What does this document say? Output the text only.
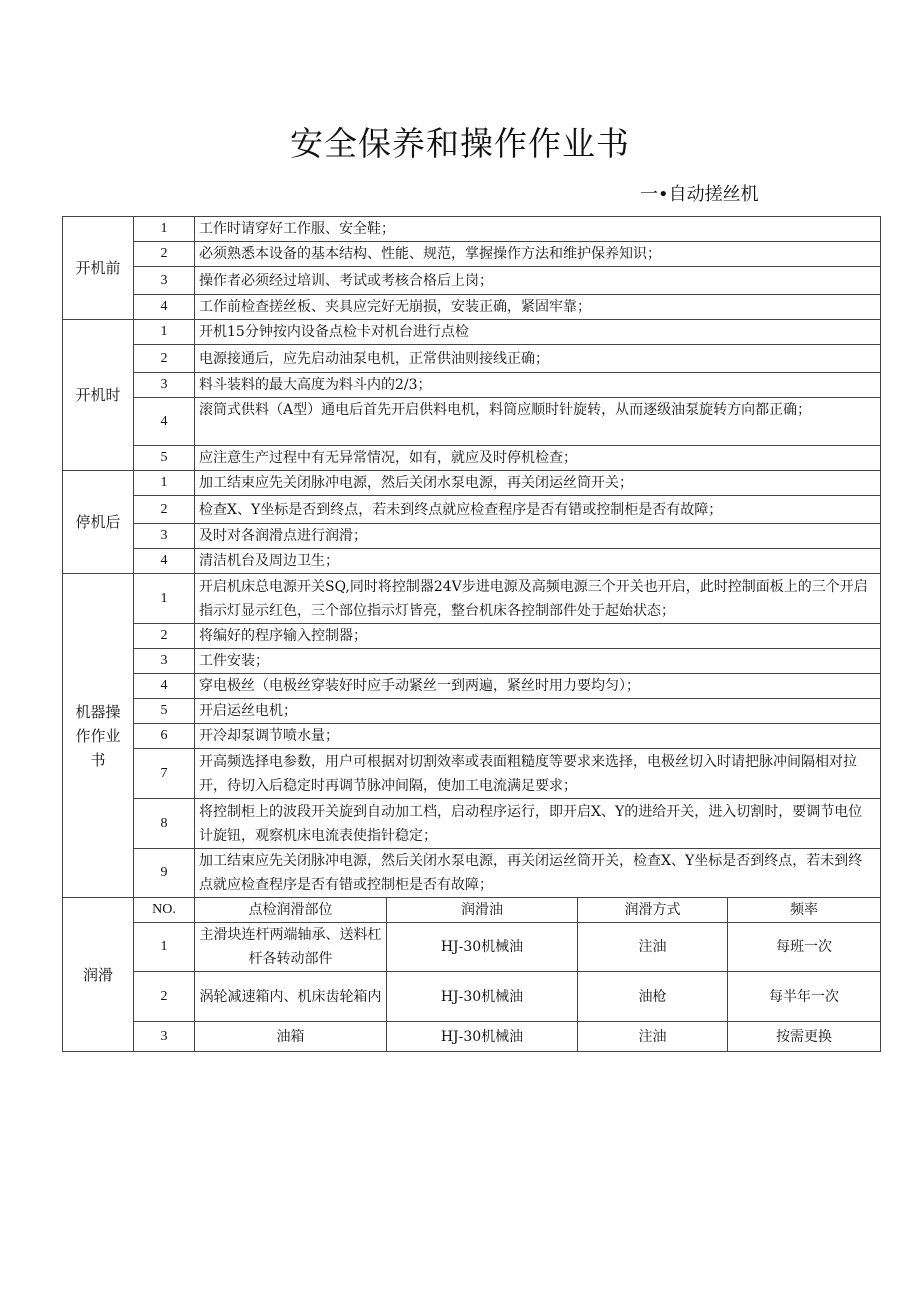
安全保养和操作作业书
一•自动搓丝机
开机前	1	工作时请穿好工作服、安全鞋；			
	2	必须熟悉本设备的基本结构、性能、规范，掌握操作方法和维护保养知识；			
	3	操作者必须经过培训、考试或考核合格后上岗；			
	4	工作前检查搓丝板、夹具应完好无崩损，安装正确，紧固牢靠；			

开机时	1	开机15分钟按内设备点检卡对机台进行点检			
	2	电源接通后，应先启动油泵电机，正常供油则接线正确；			
	3	料斗装料的最大高度为料斗内的2/3；			
	4	滚筒式供料（A型）通电后首先开启供料电机，料筒应顺时针旋转，从而逐级油泵旋转方向都正确；			
	5	应注意生产过程中有无异常情况，如有，就应及时停机检查；			

停机后	1	加工结束应先关闭脉冲电源，然后关闭水泵电源，再关闭运丝筒开关；			
	2	检查X、Y坐标是否到终点，若未到终点就应检查程序是否有错或控制柜是否有故障；			
	3	及时对各润滑点进行润滑；			
	4	清洁机台及周边卫生；			

机器操作作业书	1	开启机床总电源开关SQ,同时将控制器24V步进电源及高频电源三个开关也开启，此时控制面板上的三个开启指示灯显示红色，三个部位指示灯皆亮，整台机床各控制部件处于起始状态；			
	2	将编好的程序输入控制器；			
	3	工件安装；			
	4	穿电极丝（电极丝穿装好时应手动紧丝一到两遍，紧丝时用力要均匀）；			
	5	开启运丝电机；			
	6	开冷却泵调节喷水量；			
	7	开高频选择电参数，用户可根据对切割效率或表面粗糙度等要求来选择，电极丝切入时请把脉冲间隔相对拉开，待切入后稳定时再调节脉冲间隔，使加工电流满足要求；			
	8	将控制柜上的波段开关旋到自动加工档，启动程序运行，即开启X、Y的进给开关，进入切割时，要调节电位计旋钮，观察机床电流表使指针稳定；			
	9	加工结束应先关闭脉冲电源，然后关闭水泵电源，再关闭运丝筒开关，检查X、Y坐标是否到终点，若未到终点就应检查程序是否有错或控制柜是否有故障；			

润滑	NO.	点检润滑部位	润滑油	润滑方式	频率
	1	主滑块连杆两端轴承、送料杠杆各转动部件	HJ-30机械油	注油	每班一次
	2	涡轮减速箱内、机床齿轮箱内	HJ-30机械油	油枪	每半年一次
	3	油箱	HJ-30机械油	注油	按需更换
